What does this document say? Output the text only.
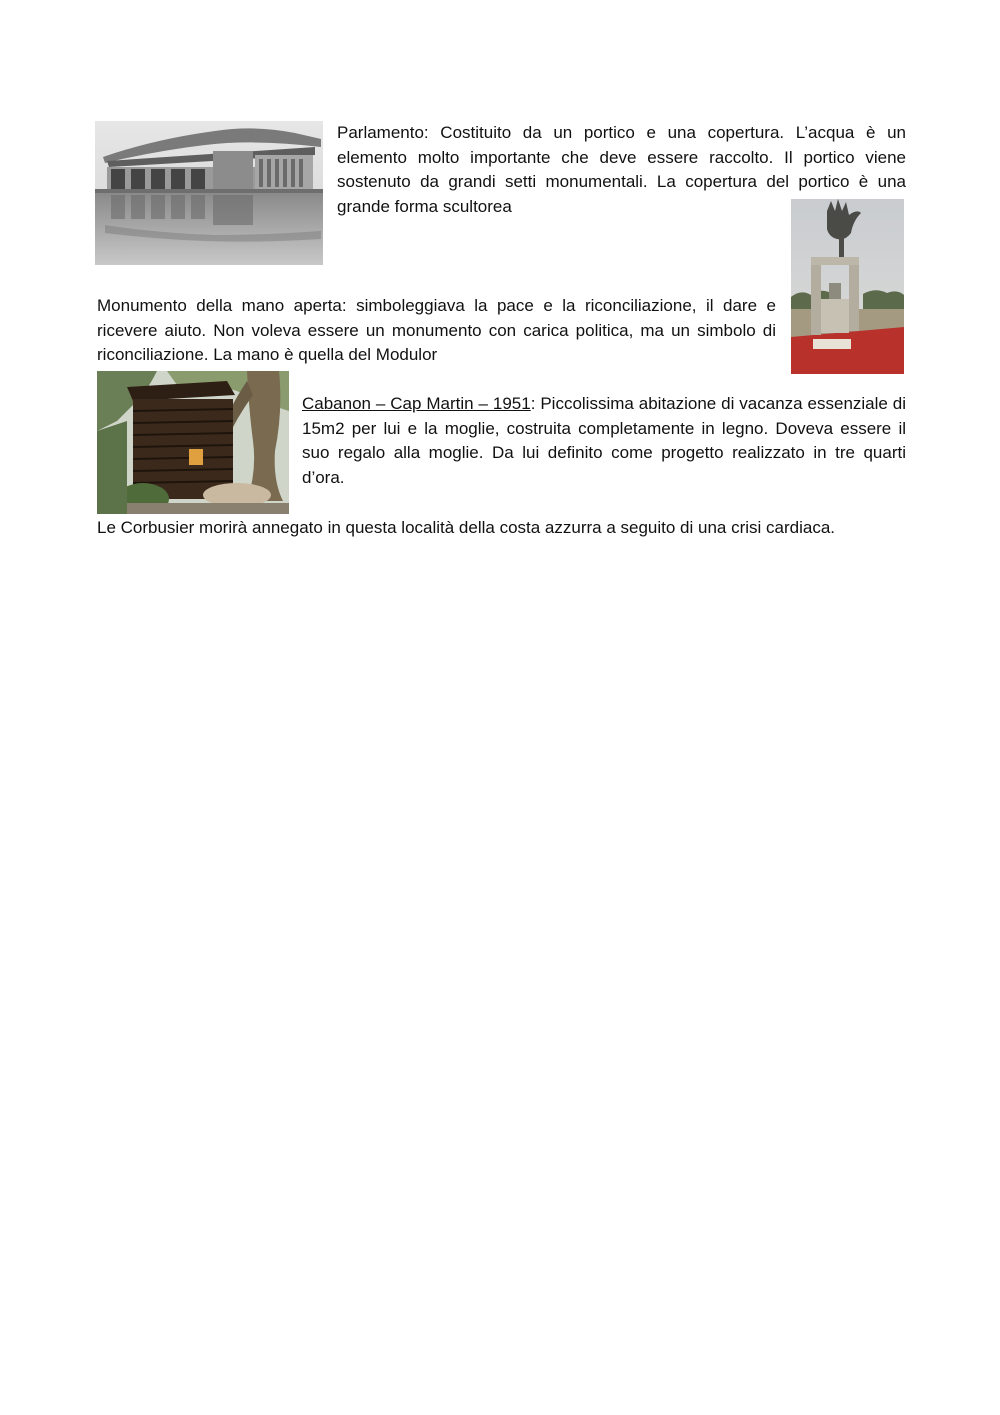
Parlamento: Costituito da un portico e una copertura. L’acqua è un elemento molto importante che deve essere raccolto. Il portico viene sostenuto da grandi setti monumentali. La copertura del portico è una grande forma scultorea

Monumento della mano aperta: simboleggiava la pace e la riconciliazione, il dare e ricevere aiuto. Non voleva essere un monumento con carica politica, ma un simbolo di riconciliazione. La mano è quella del Modulor

Cabanon – Cap Martin – 1951: Piccolissima abitazione di vacanza essenziale di 15m2 per lui e la moglie, costruita completamente in legno. Doveva essere il suo regalo alla moglie. Da lui definito come progetto realizzato in tre quarti d’ora.

Le Corbusier morirà annegato in questa località della costa azzurra a seguito di una crisi cardiaca.
